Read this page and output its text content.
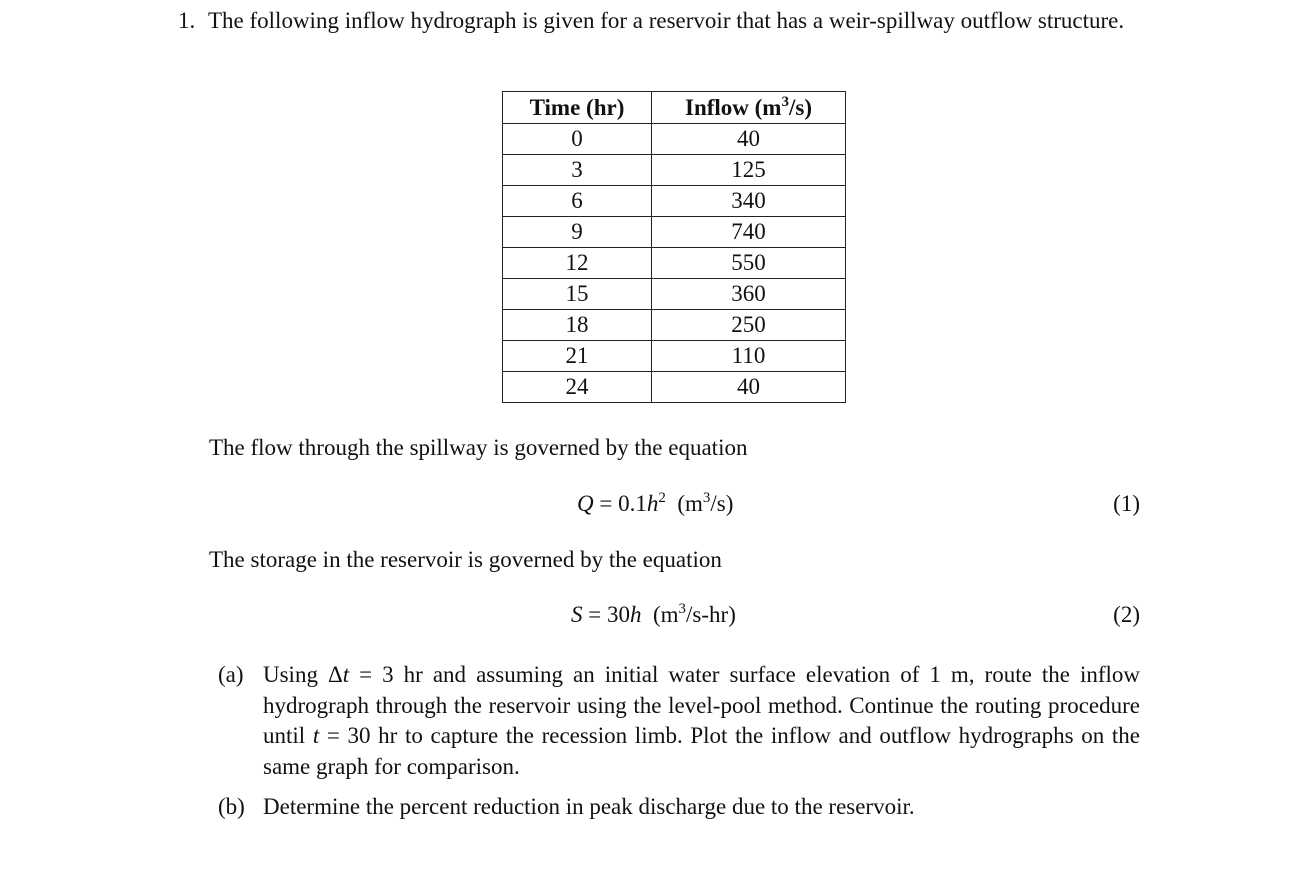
1. The following inflow hydrograph is given for a reservoir that has a weir-spillway outflow structure.
Time (hr)	Inflow $(m^3/s)$
0	40
3	125
6	340
9	740
12	550
15	360
18	250
21	110
24	40
The flow through the spillway is governed by the equation
$Q = 0.1h^2$ $(m^3/s)$	(1)
The storage in the reservoir is governed by the equation
S = 30h $(m^3/s-hr)$	(2)
(a) Using Δt = 3 hr and assuming an initial water surface elevation of 1 m, route the inflow hydrograph through the reservoir using the level-pool method. Continue the routing procedure until t = 30 hr to capture the recession limb. Plot the inflow and outflow hydrographs on the same graph for comparison.
(b) Determine the percent reduction in peak discharge due to the reservoir.
